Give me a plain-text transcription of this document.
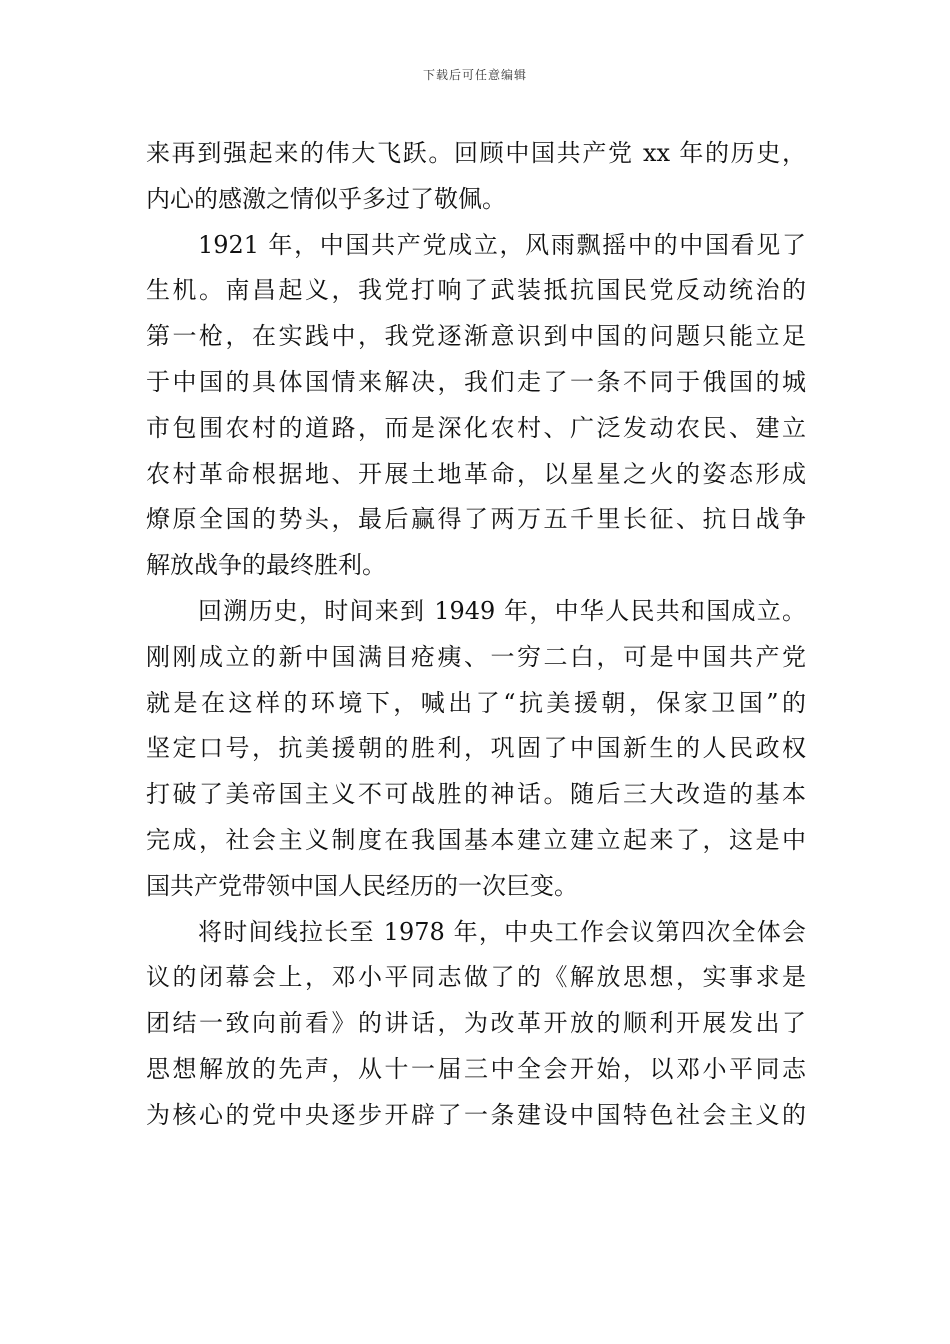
下载后可任意编辑
来再到强起来的伟大飞跃。回顾中国共产党 xx 年的历史，
内心的感激之情似乎多过了敬佩。
1921 年，中国共产党成立，风雨飘摇中的中国看见了
生机。南昌起义，我党打响了武装抵抗国民党反动统治的
第一枪，在实践中，我党逐渐意识到中国的问题只能立足
于中国的具体国情来解决，我们走了一条不同于俄国的城
市包围农村的道路，而是深化农村、广泛发动农民、建立
农村革命根据地、开展土地革命，以星星之火的姿态形成
燎原全国的势头，最后赢得了两万五千里长征、抗日战争
解放战争的最终胜利。
回溯历史，时间来到 1949 年，中华人民共和国成立。
刚刚成立的新中国满目疮痍、一穷二白，可是中国共产党
就是在这样的环境下，喊出了“抗美援朝，保家卫国”的
坚定口号，抗美援朝的胜利，巩固了中国新生的人民政权
打破了美帝国主义不可战胜的神话。随后三大改造的基本
完成，社会主义制度在我国基本建立建立起来了，这是中
国共产党带领中国人民经历的一次巨变。
将时间线拉长至 1978 年，中央工作会议第四次全体会
议的闭幕会上，邓小平同志做了的《解放思想，实事求是
团结一致向前看》的讲话，为改革开放的顺利开展发出了
思想解放的先声，从十一届三中全会开始，以邓小平同志
为核心的党中央逐步开辟了一条建设中国特色社会主义的
